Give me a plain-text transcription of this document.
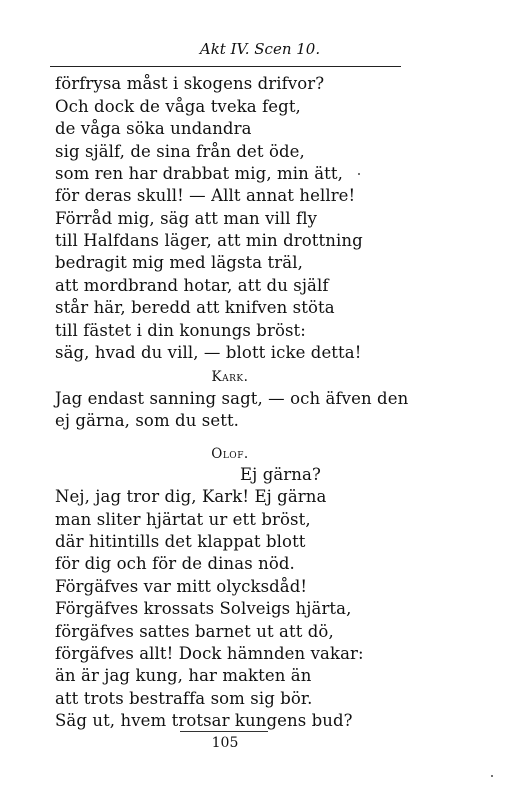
Akt IV. Scen 10.
förfrysa måst i skogens drifvor?
Och dock de våga tveka fegt,
de våga söka undandra
sig själf, de sina från det öde,
som ren har drabbat mig, min ätt,
för deras skull! — Allt annat hellre!
Förråd mig, säg att man vill fly
till Halfdans läger, att min drottning
bedragit mig med lägsta träl,
att mordbrand hotar, att du själf
står här, beredd att knifven stöta
till fästet i din konungs bröst:
säg, hvad du vill, — blott icke detta!
Kark.
Jag endast sanning sagt, — och äfven den
ej gärna, som du sett.
Olof.
Ej gärna?
Nej, jag tror dig, Kark! Ej gärna
man sliter hjärtat ur ett bröst,
där hitintills det klappat blott
för dig och för de dinas nöd.
Förgäfves var mitt olycksdåd!
Förgäfves krossats Solveigs hjärta,
förgäfves sattes barnet ut att dö,
förgäfves allt! Dock hämnden vakar:
än är jag kung, har makten än
att trots bestraffa som sig bör.
Säg ut, hvem trotsar kungens bud?
105
